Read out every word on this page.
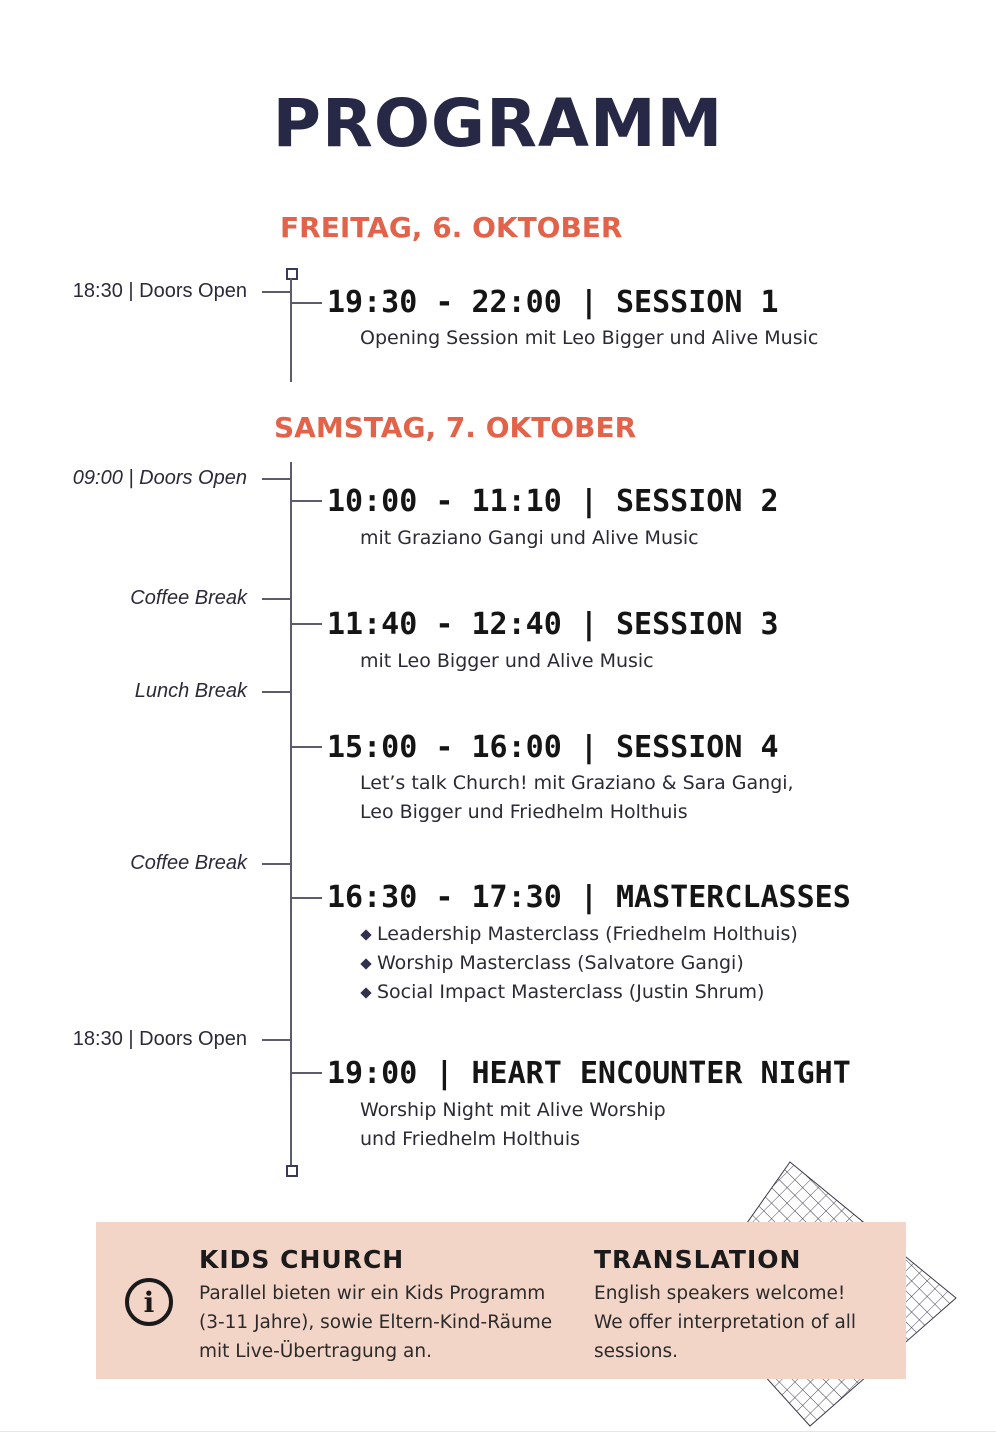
PROGRAMM
FREITAG, 6. OKTOBER
18:30 | Doors Open	19:30 - 22:00 | SESSION 1
Opening Session mit Leo Bigger und Alive Music
SAMSTAG, 7. OKTOBER
09:00 | Doors Open
Coffee Break
Lunch Break
Coffee Break
18:30 | Doors Open
10:00 - 11:10 | SESSION 2
mit Graziano Gangi und Alive Music
11:40 - 12:40 | SESSION 3
mit Leo Bigger und Alive Music
15:00 - 16:00 | SESSION 4
Let’s talk Church! mit Graziano & Sara Gangi,
Leo Bigger und Friedhelm Holthuis
16:30 - 17:30 | MASTERCLASSES
Leadership Masterclass (Friedhelm Holthuis)
Worship Masterclass (Salvatore Gangi)
Social Impact Masterclass (Justin Shrum)
19:00 | HEART ENCOUNTER NIGHT
Worship Night mit Alive Worship
und Friedhelm Holthuis
i
KIDS CHURCH
Parallel bieten wir ein Kids Programm
(3-11 Jahre), sowie Eltern-Kind-Räume
mit Live-Übertragung an.
TRANSLATION
English speakers welcome!
We offer interpretation of all
sessions.
